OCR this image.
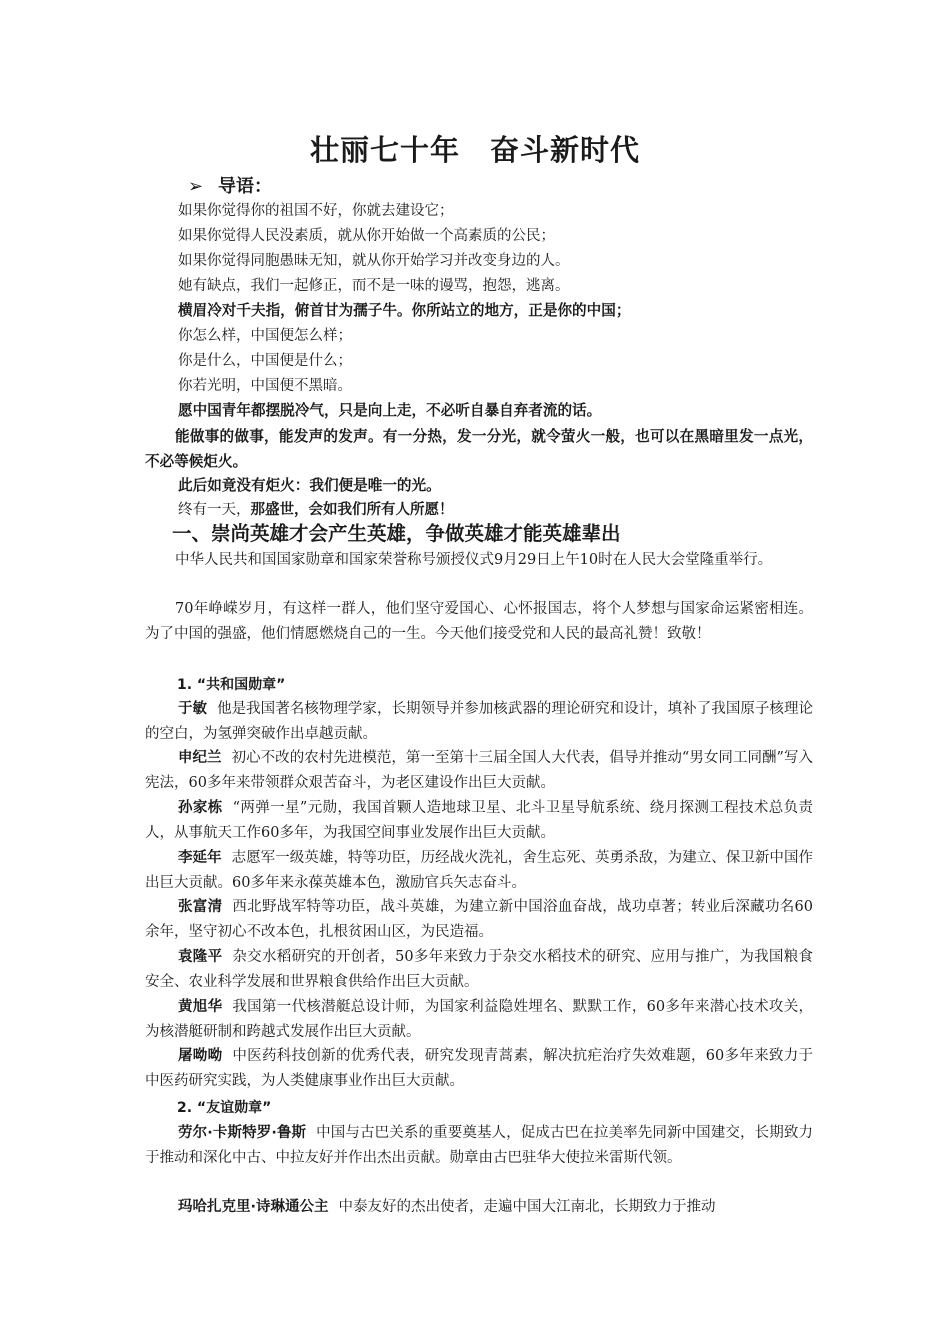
壮丽七十年　奋斗新时代
➢ 导语：
如果你觉得你的祖国不好，你就去建设它；
如果你觉得人民没素质，就从你开始做一个高素质的公民；
如果你觉得同胞愚昧无知，就从你开始学习并改变身边的人。
她有缺点，我们一起修正，而不是一味的谩骂，抱怨，逃离。
横眉冷对千夫指，俯首甘为孺子牛。你所站立的地方，正是你的中国；
你怎么样，中国便怎么样；
你是什么，中国便是什么；
你若光明，中国便不黑暗。
愿中国青年都摆脱冷气，只是向上走，不必听自暴自弃者流的话。
能做事的做事，能发声的发声。有一分热，发一分光，就令萤火一般，也可以在黑暗里发一点光，不必等候炬火。
此后如竟没有炬火：我们便是唯一的光。
终有一天，那盛世，会如我们所有人所愿！
一、崇尚英雄才会产生英雄，争做英雄才能英雄辈出
中华人民共和国国家勋章和国家荣誉称号颁授仪式9月29日上午10时在人民大会堂隆重举行。
70年峥嵘岁月，有这样一群人，他们坚守爱国心、心怀报国志，将个人梦想与国家命运紧密相连。为了中国的强盛，他们情愿燃烧自己的一生。今天他们接受党和人民的最高礼赞！致敬！
1. “共和国勋章”
于敏 他是我国著名核物理学家，长期领导并参加核武器的理论研究和设计，填补了我国原子核理论的空白，为氢弹突破作出卓越贡献。
申纪兰 初心不改的农村先进模范，第一至第十三届全国人大代表，倡导并推动“男女同工同酬”写入宪法，60多年来带领群众艰苦奋斗，为老区建设作出巨大贡献。
孙家栋 “两弹一星”元勋，我国首颗人造地球卫星、北斗卫星导航系统、绕月探测工程技术总负责人，从事航天工作60多年，为我国空间事业发展作出巨大贡献。
李延年 志愿军一级英雄，特等功臣，历经战火洗礼，舍生忘死、英勇杀敌，为建立、保卫新中国作出巨大贡献。60多年来永葆英雄本色，激励官兵矢志奋斗。
张富清 西北野战军特等功臣，战斗英雄，为建立新中国浴血奋战，战功卓著；转业后深藏功名60余年，坚守初心不改本色，扎根贫困山区，为民造福。
袁隆平 杂交水稻研究的开创者，50多年来致力于杂交水稻技术的研究、应用与推广，为我国粮食安全、农业科学发展和世界粮食供给作出巨大贡献。
黄旭华 我国第一代核潜艇总设计师，为国家利益隐姓埋名、默默工作，60多年来潜心技术攻关，为核潜艇研制和跨越式发展作出巨大贡献。
屠呦呦 中医药科技创新的优秀代表，研究发现青蒿素，解决抗疟治疗失效难题，60多年来致力于中医药研究实践，为人类健康事业作出巨大贡献。
2. “友谊勋章”
劳尔·卡斯特罗·鲁斯 中国与古巴关系的重要奠基人，促成古巴在拉美率先同新中国建交，长期致力于推动和深化中古、中拉友好并作出杰出贡献。勋章由古巴驻华大使拉米雷斯代领。
玛哈扎克里·诗琳通公主 中泰友好的杰出使者，走遍中国大江南北，长期致力于推动
